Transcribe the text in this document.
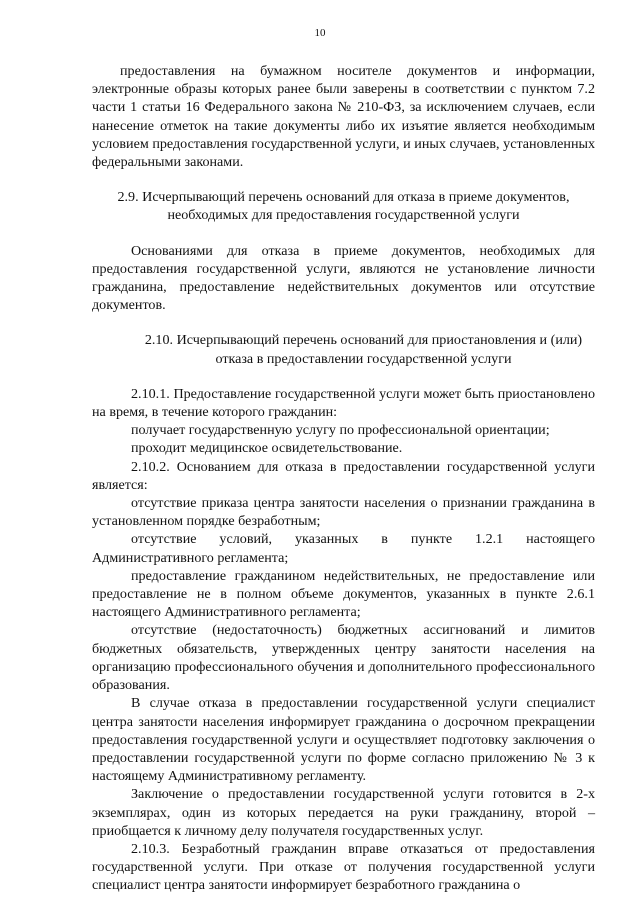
10

предоставления на бумажном носителе документов и информации, электронные образы которых ранее были заверены в соответствии с пунктом 7.2 части 1 статьи 16 Федерального закона № 210-ФЗ, за исключением случаев, если нанесение отметок на такие документы либо их изъятие является необходимым условием предоставления государственной услуги, и иных случаев, установленных федеральными законами.

2.9. Исчерпывающий перечень оснований для отказа в приеме документов, необходимых для предоставления государственной услуги

Основаниями для отказа в приеме документов, необходимых для предоставления государственной услуги, являются не установление личности гражданина, предоставление недействительных документов или отсутствие документов.

2.10. Исчерпывающий перечень оснований для приостановления и (или) отказа в предоставлении государственной услуги

2.10.1. Предоставление государственной услуги может быть приостановлено на время, в течение которого гражданин:

получает государственную услугу по профессиональной ориентации;

проходит медицинское освидетельствование.

2.10.2. Основанием для отказа в предоставлении государственной услуги является:

отсутствие приказа центра занятости населения о признании гражданина в установленном порядке безработным;

отсутствие условий, указанных в пункте 1.2.1 настоящего Административного регламента;

предоставление гражданином недействительных, не предоставление или предоставление не в полном объеме документов, указанных в пункте 2.6.1 настоящего Административного регламента;

отсутствие (недостаточность) бюджетных ассигнований и лимитов бюджетных обязательств, утвержденных центру занятости населения на организацию профессионального обучения и дополнительного профессионального образования.

В случае отказа в предоставлении государственной услуги специалист центра занятости населения информирует гражданина о досрочном прекращении предоставления государственной услуги и осуществляет подготовку заключения о предоставлении государственной услуги по форме согласно приложению № 3 к настоящему Административному регламенту.

Заключение о предоставлении государственной услуги готовится в 2-х экземплярах, один из которых передается на руки гражданину, второй – приобщается к личному делу получателя государственных услуг.

2.10.3. Безработный гражданин вправе отказаться от предоставления государственной услуги. При отказе от получения государственной услуги специалист центра занятости информирует безработного гражданина о
